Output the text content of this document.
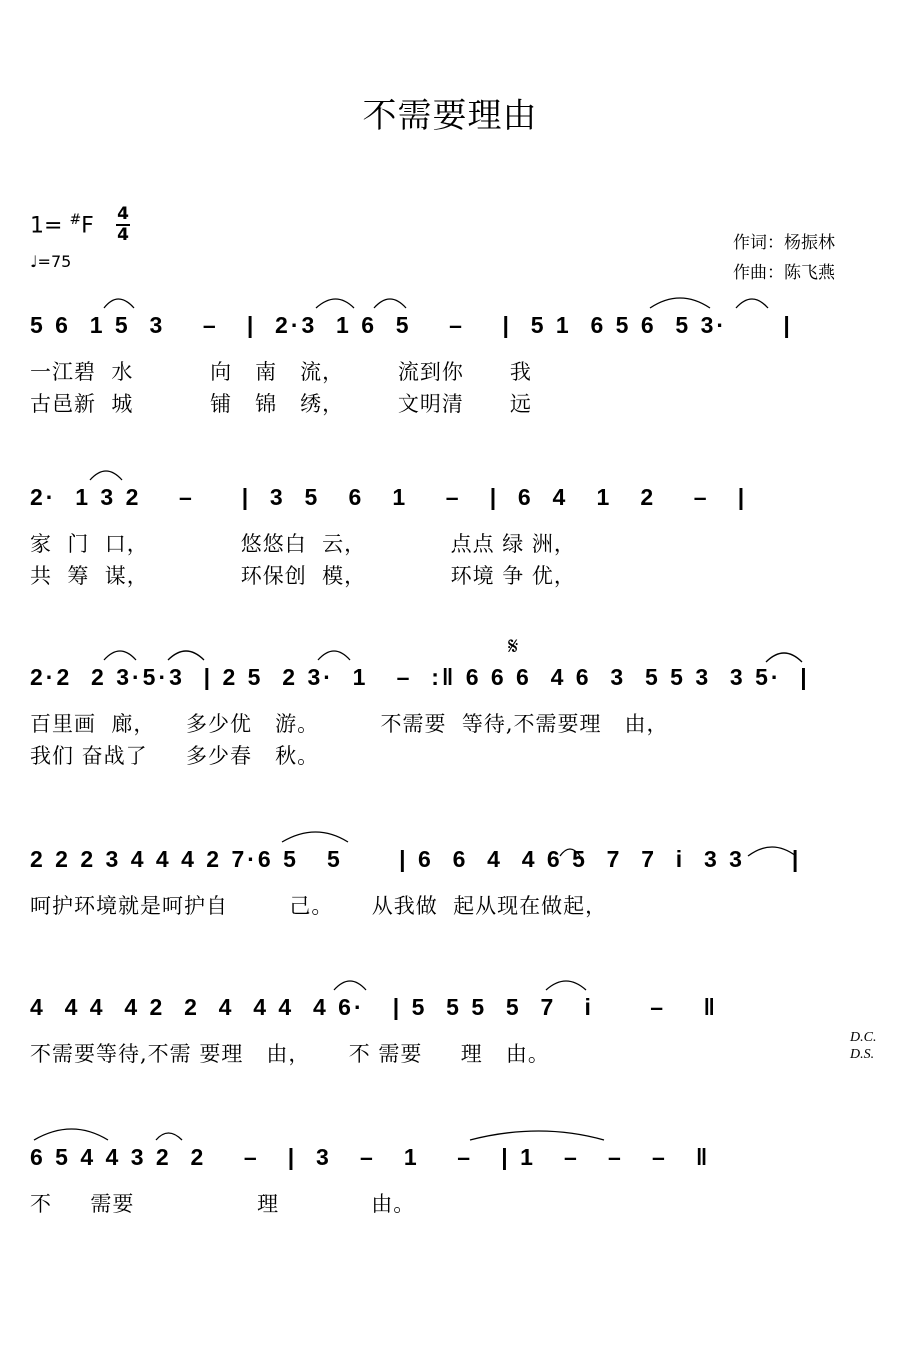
不需要理由
1= #F 4
4
♩=75
作词：杨振林
作曲：陈飞燕
5 6  1 5  3    –   |  2·3  1 6  5    –    |  5 1  6 5 6  5 3·      |
一江碧  水          向   南   流，       流到你      我
古邑新  城          铺   锦   绣，       文明清      远
2·  1 3 2    –     |  3  5   6   1    –   |  6  4   1   2    –   |
家  门  口，            悠悠白  云，           点点 绿 洲，
共  筹  谋，            环保创  模，           环境 争 优，
𝄋
2·2  2 3·5·3  | 2 5  2 3·  1   –  :‖ 6 6 6  4 6  3  5 5 3  3 5·  |
百里画  廊，    多少优   游。        不需要  等待,不需要理   由，
我们 奋战了     多少春   秋。
2 2 2 3 4 4 4 2 7·6 5   5      | 6  6  4  4 6 5  7  7  i  3 3     |
呵护环境就是呵护自        己。     从我做  起从现在做起，
4  4 4  4 2  2  4  4 4  4 6·   | 5  5 5  5  7   i      –    ‖
不需要等待,不需 要理   由，     不 需要     理   由。
D.C.
D.S.
6 5 4 4 3 2  2    –   |  3   –   1    –   | 1   –   –   –   ‖
不     需要                理            由。
